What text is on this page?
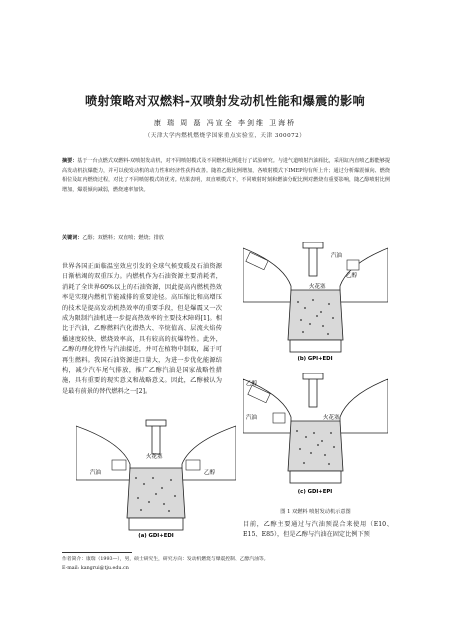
喷射策略对双燃料-双喷射发动机性能和爆震的影响
康 瑞 周 磊 冯宣全 李剑维 卫海桥
（天津大学内燃机燃烧学国家重点实验室，天津 300072）
摘要：基于一台点燃式双燃料-双喷射发动机，对不同喷射模式及不同燃料比例进行了试验研究。与进气道喷射汽油相比，采用缸内直喷乙醇能够提高发动机抗爆能力，并可以使发动机的动力性和经济性获得改善。随着乙醇比例增加，各喷射模式下IMEP均有所上升；通过分析爆震倾向、燃烧相位及缸内燃烧过程，对比了不同喷射模式的优劣。结果表明，双直喷模式下，不同喷射时刻和燃油分配比例对燃烧有重要影响，随乙醇喷射比例增加，爆震倾向减弱，燃烧速率加快。
关键词：乙醇；双燃料；双直喷；燃烧；排放
世界各国正面临温室效应引发的全球气候变暖及石油资源日渐枯竭的双重压力。内燃机作为石油资源主要消耗者，消耗了全世界60%以上的石油资源，因此提高内燃机热效率是实现内燃机节能减排的重要途径。高压缩比和高增压的技术是提高发动机热效率的重要手段，但是爆震又一次成为限制汽油机进一步提高热效率的主要技术障碍[1]。相比于汽油，乙醇燃料汽化潜热大、辛烷值高、层流火焰传播速度较快、燃烧效率高，具有较高的抗爆特性。此外，乙醇的理化特性与汽油接近，并可在植物中制取，属于可再生燃料。我国石油资源进口量大，为进一步优化能源结构，减少汽车尾气排放，推广乙醇汽油是国家战略性措施，具有重要的现实意义和战略意义。因此，乙醇被认为是最有前景的替代燃料之一[2]。
汽油
乙醇
火花塞
(b) GPI+EDI
乙醇
汽油	火花塞
(c) GDI+EPI
汽油	乙醇
火花塞
(a) GDI+EDI
图 1 双燃料 喷射发动机示意图
目前，乙醇主要通过与汽油预混合来使用（E10、E15、E85），但是乙醇与汽油在固定比例下预
作者简介：康瑞（1993—），男，硕士研究生，研究方向：发动机燃烧与爆震控制、乙醇汽油等。
E-mail: kangrui@tju.edu.cn
